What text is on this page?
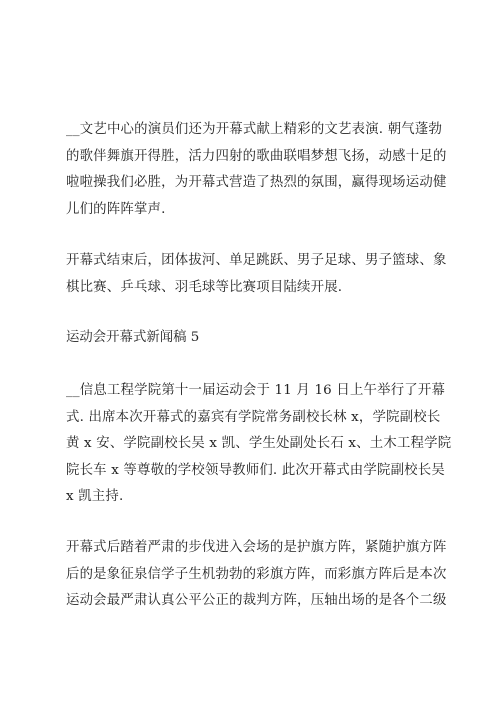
__文艺中心的演员们还为开幕式献上精彩的文艺表演. 朝气蓬勃
的歌伴舞旗开得胜，活力四射的歌曲联唱梦想飞扬，动感十足的
啦啦操我们必胜，为开幕式营造了热烈的氛围，赢得现场运动健
儿们的阵阵掌声.
开幕式结束后，团体拔河、单足跳跃、男子足球、男子篮球、象
棋比赛、乒乓球、羽毛球等比赛项目陆续开展.
运动会开幕式新闻稿 5
__信息工程学院第十一届运动会于 11 月 16 日上午举行了开幕
式. 出席本次开幕式的嘉宾有学院常务副校长林 x，学院副校长
黄 x 安、学院副校长吴 x 凯、学生处副处长石 x、土木工程学院
院长车 x 等尊敬的学校领导教师们. 此次开幕式由学院副校长吴
x 凯主持.
开幕式后踏着严肃的步伐进入会场的是护旗方阵，紧随护旗方阵
后的是象征泉信学子生机勃勃的彩旗方阵，而彩旗方阵后是本次
运动会最严肃认真公平公正的裁判方阵，压轴出场的是各个二级
